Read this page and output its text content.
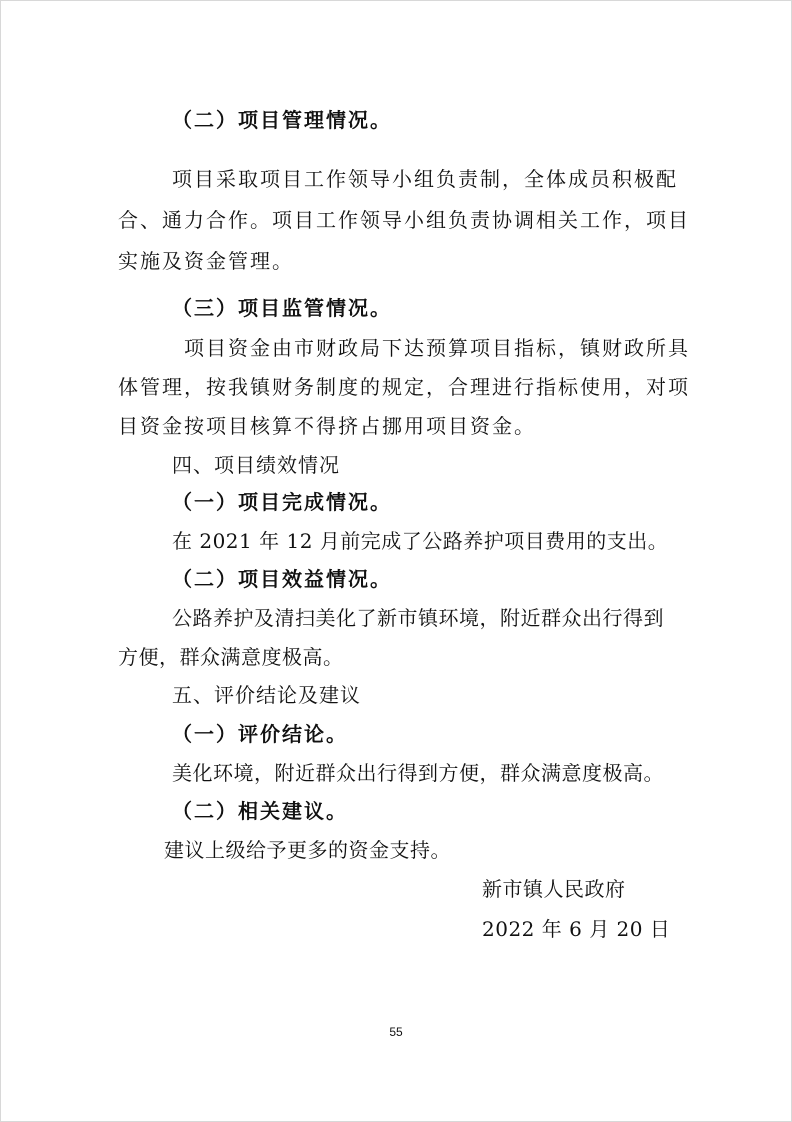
（二）项目管理情况。
项目采取项目工作领导小组负责制，全体成员积极配
合、通力合作。项目工作领导小组负责协调相关工作，项目
实施及资金管理。
（三）项目监管情况。
项目资金由市财政局下达预算项目指标，镇财政所具
体管理，按我镇财务制度的规定，合理进行指标使用，对项
目资金按项目核算不得挤占挪用项目资金。
四、项目绩效情况
（一）项目完成情况。
在 2021 年 12 月前完成了公路养护项目费用的支出。
（二）项目效益情况。
公路养护及清扫美化了新市镇环境，附近群众出行得到
方便，群众满意度极高。
五、评价结论及建议
（一）评价结论。
美化环境，附近群众出行得到方便，群众满意度极高。
（二）相关建议。
建议上级给予更多的资金支持。
新市镇人民政府
2022 年 6 月 20 日
55
